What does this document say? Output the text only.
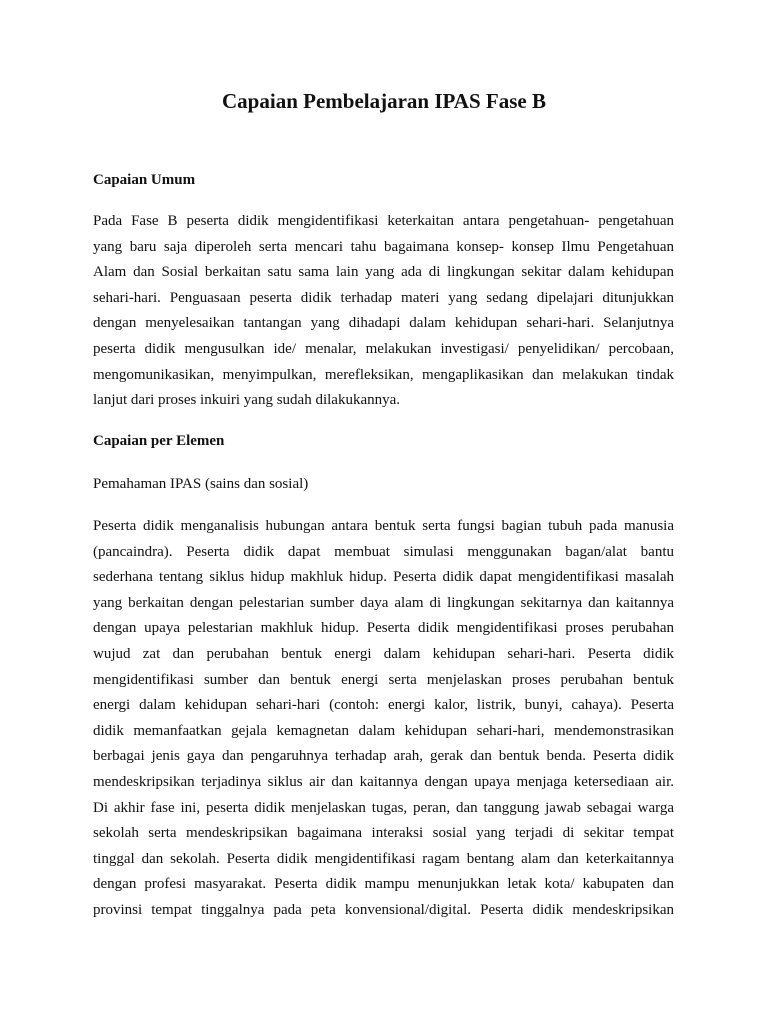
Capaian Pembelajaran IPAS Fase B
Capaian Umum
Pada Fase B peserta didik mengidentifikasi keterkaitan antara pengetahuan- pengetahuan
yang baru saja diperoleh serta mencari tahu bagaimana konsep- konsep Ilmu Pengetahuan
Alam dan Sosial berkaitan satu sama lain yang ada di lingkungan sekitar dalam kehidupan
sehari-hari. Penguasaan peserta didik terhadap materi yang sedang dipelajari ditunjukkan
dengan menyelesaikan tantangan yang dihadapi dalam kehidupan sehari-hari. Selanjutnya
peserta didik mengusulkan ide/ menalar, melakukan investigasi/ penyelidikan/ percobaan,
mengomunikasikan, menyimpulkan, merefleksikan, mengaplikasikan dan melakukan tindak
lanjut dari proses inkuiri yang sudah dilakukannya.
Capaian per Elemen

Pemahaman IPAS (sains dan sosial)

Peserta didik menganalisis hubungan antara bentuk serta fungsi bagian tubuh pada manusia
(pancaindra). Peserta didik dapat membuat simulasi menggunakan bagan/alat bantu
sederhana tentang siklus hidup makhluk hidup. Peserta didik dapat mengidentifikasi masalah
yang berkaitan dengan pelestarian sumber daya alam di lingkungan sekitarnya dan kaitannya
dengan upaya pelestarian makhluk hidup. Peserta didik mengidentifikasi proses perubahan
wujud zat dan perubahan bentuk energi dalam kehidupan sehari-hari. Peserta didik
mengidentifikasi sumber dan bentuk energi serta menjelaskan proses perubahan bentuk
energi dalam kehidupan sehari-hari (contoh: energi kalor, listrik, bunyi, cahaya). Peserta
didik memanfaatkan gejala kemagnetan dalam kehidupan sehari-hari, mendemonstrasikan
berbagai jenis gaya dan pengaruhnya terhadap arah, gerak dan bentuk benda. Peserta didik
mendeskripsikan terjadinya siklus air dan kaitannya dengan upaya menjaga ketersediaan air.
Di akhir fase ini, peserta didik menjelaskan tugas, peran, dan tanggung jawab sebagai warga
sekolah serta mendeskripsikan bagaimana interaksi sosial yang terjadi di sekitar tempat
tinggal dan sekolah. Peserta didik mengidentifikasi ragam bentang alam dan keterkaitannya
dengan profesi masyarakat. Peserta didik mampu menunjukkan letak kota/ kabupaten dan
provinsi tempat tinggalnya pada peta konvensional/digital. Peserta didik mendeskripsikan
